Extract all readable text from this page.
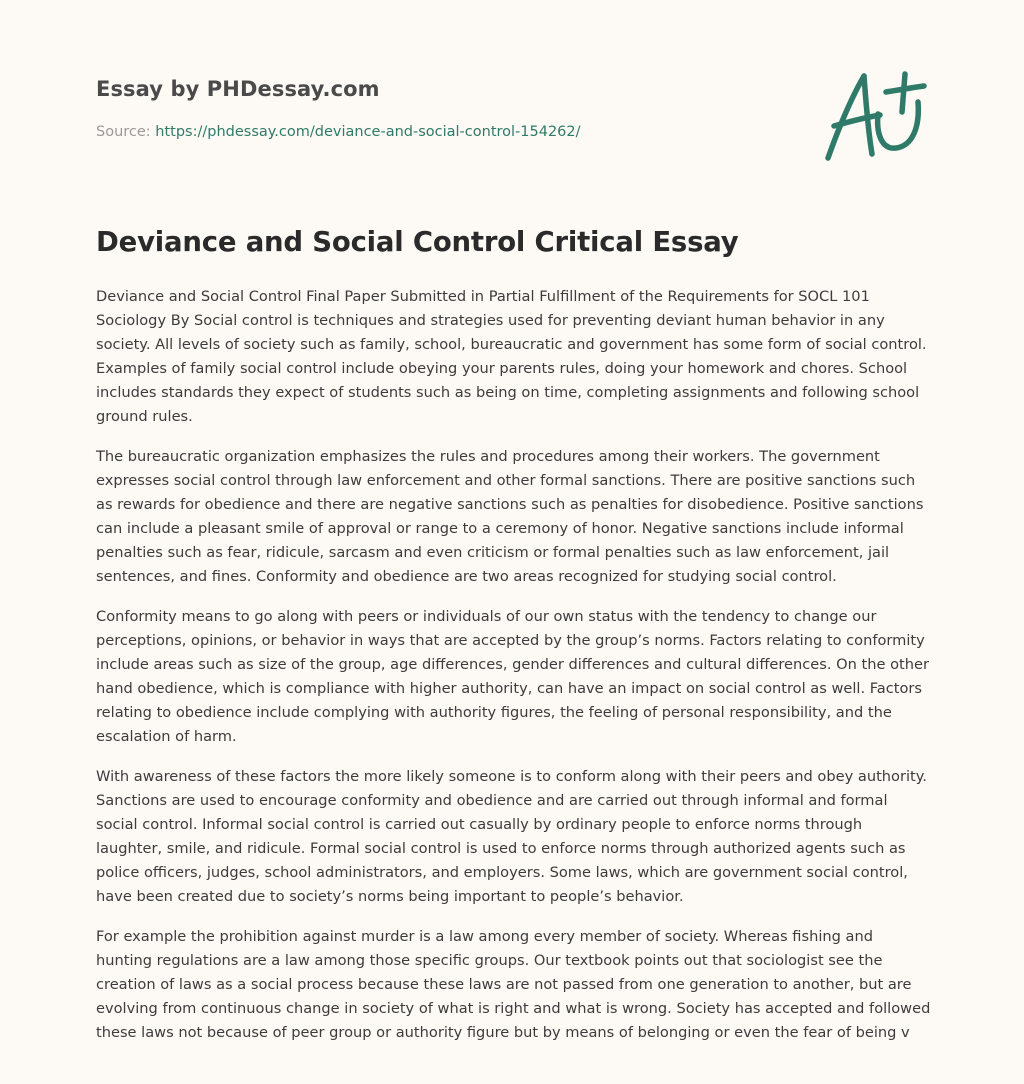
Essay by PHDessay.com
Source: https://phdessay.com/deviance-and-social-control-154262/
Deviance and Social Control Critical Essay

Deviance and Social Control Final Paper Submitted in Partial Fulfillment of the Requirements for SOCL 101 Sociology By Social control is techniques and strategies used for preventing deviant human behavior in any society. All levels of society such as family, school, bureaucratic and government has some form of social control. Examples of family social control include obeying your parents rules, doing your homework and chores. School includes standards they expect of students such as being on time, completing assignments and following school ground rules.

The bureaucratic organization emphasizes the rules and procedures among their workers. The government expresses social control through law enforcement and other formal sanctions. There are positive sanctions such as rewards for obedience and there are negative sanctions such as penalties for disobedience. Positive sanctions can include a pleasant smile of approval or range to a ceremony of honor. Negative sanctions include informal penalties such as fear, ridicule, sarcasm and even criticism or formal penalties such as law enforcement, jail sentences, and fines. Conformity and obedience are two areas recognized for studying social control.

Conformity means to go along with peers or individuals of our own status with the tendency to change our perceptions, opinions, or behavior in ways that are accepted by the group’s norms. Factors relating to conformity include areas such as size of the group, age differences, gender differences and cultural differences. On the other hand obedience, which is compliance with higher authority, can have an impact on social control as well. Factors relating to obedience include complying with authority figures, the feeling of personal responsibility, and the escalation of harm.

With awareness of these factors the more likely someone is to conform along with their peers and obey authority. Sanctions are used to encourage conformity and obedience and are carried out through informal and formal social control. Informal social control is carried out casually by ordinary people to enforce norms through laughter, smile, and ridicule. Formal social control is used to enforce norms through authorized agents such as police officers, judges, school administrators, and employers. Some laws, which are government social control, have been created due to society’s norms being important to people’s behavior.

For example the prohibition against murder is a law among every member of society. Whereas fishing and hunting regulations are a law among those specific groups. Our textbook points out that sociologist see the creation of laws as a social process because these laws are not passed from one generation to another, but are evolving from continuous change in society of what is right and what is wrong. Society has accepted and followed these laws not because of peer group or authority figure but by means of belonging or even the fear of being v
